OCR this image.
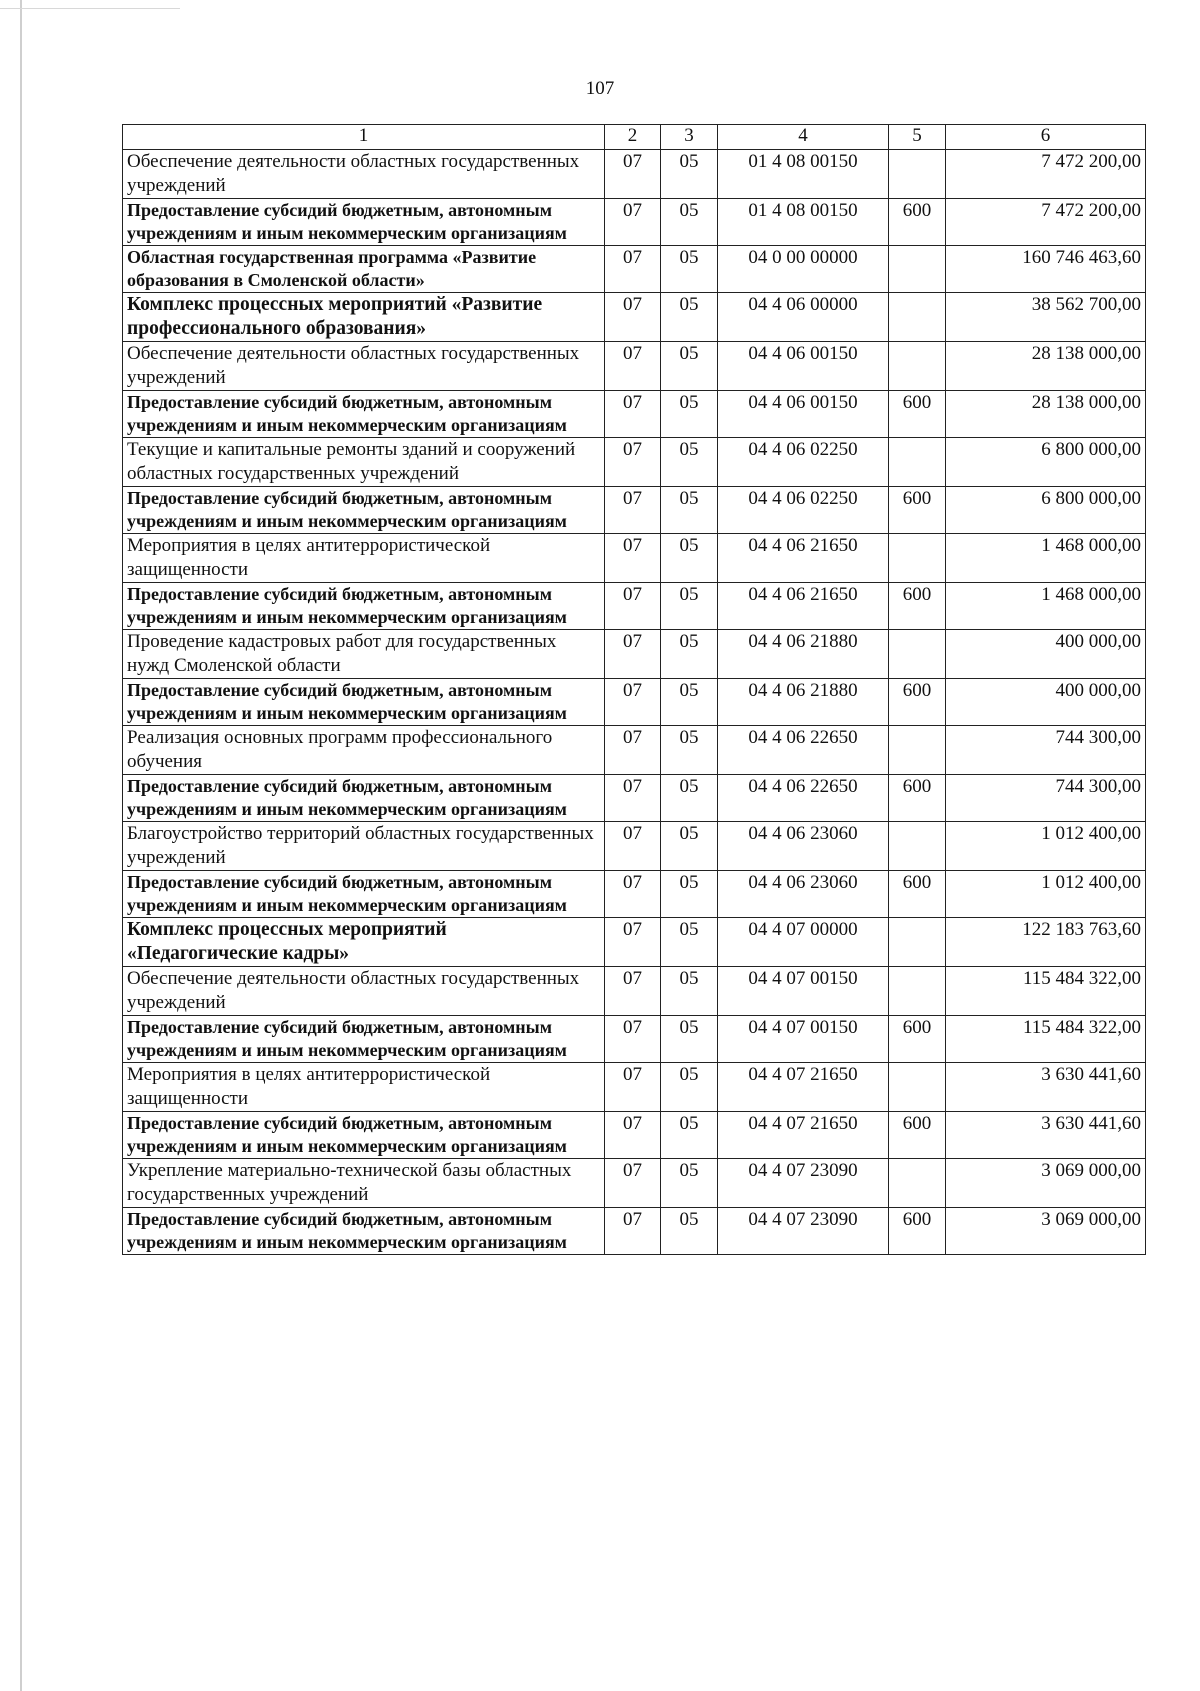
107
1	2	3	4	5	6
Обеспечение деятельности областных государственных учреждений	07	05	01 4 08 00150		7 472 200,00
Предоставление субсидий бюджетным, автономным учреждениям и иным некоммерческим организациям	07	05	01 4 08 00150	600	7 472 200,00
Областная государственная программа «Развитие образования в Смоленской области»	07	05	04 0 00 00000		160 746 463,60
Комплекс процессных мероприятий «Развитие профессионального образования»	07	05	04 4 06 00000		38 562 700,00
Обеспечение деятельности областных государственных учреждений	07	05	04 4 06 00150		28 138 000,00
Предоставление субсидий бюджетным, автономным учреждениям и иным некоммерческим организациям	07	05	04 4 06 00150	600	28 138 000,00
Текущие и капитальные ремонты зданий и сооружений областных государственных учреждений	07	05	04 4 06 02250		6 800 000,00
Предоставление субсидий бюджетным, автономным учреждениям и иным некоммерческим организациям	07	05	04 4 06 02250	600	6 800 000,00
Мероприятия в целях антитеррористической защищенности	07	05	04 4 06 21650		1 468 000,00
Предоставление субсидий бюджетным, автономным учреждениям и иным некоммерческим организациям	07	05	04 4 06 21650	600	1 468 000,00
Проведение кадастровых работ для государственных нужд Смоленской области	07	05	04 4 06 21880		400 000,00
Предоставление субсидий бюджетным, автономным учреждениям и иным некоммерческим организациям	07	05	04 4 06 21880	600	400 000,00
Реализация основных программ профессионального обучения	07	05	04 4 06 22650		744 300,00
Предоставление субсидий бюджетным, автономным учреждениям и иным некоммерческим организациям	07	05	04 4 06 22650	600	744 300,00
Благоустройство территорий областных государственных учреждений	07	05	04 4 06 23060		1 012 400,00
Предоставление субсидий бюджетным, автономным учреждениям и иным некоммерческим организациям	07	05	04 4 06 23060	600	1 012 400,00
Комплекс процессных мероприятий «Педагогические кадры»	07	05	04 4 07 00000		122 183 763,60
Обеспечение деятельности областных государственных учреждений	07	05	04 4 07 00150		115 484 322,00
Предоставление субсидий бюджетным, автономным учреждениям и иным некоммерческим организациям	07	05	04 4 07 00150	600	115 484 322,00
Мероприятия в целях антитеррористической защищенности	07	05	04 4 07 21650		3 630 441,60
Предоставление субсидий бюджетным, автономным учреждениям и иным некоммерческим организациям	07	05	04 4 07 21650	600	3 630 441,60
Укрепление материально-технической базы областных государственных учреждений	07	05	04 4 07 23090		3 069 000,00
Предоставление субсидий бюджетным, автономным учреждениям и иным некоммерческим организациям	07	05	04 4 07 23090	600	3 069 000,00
